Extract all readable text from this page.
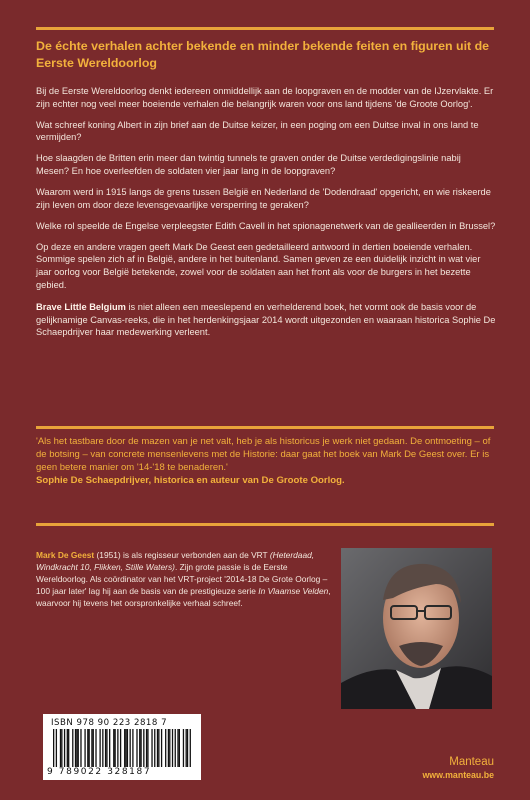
De échte verhalen achter bekende en minder bekende feiten en figuren uit de Eerste Wereldoorlog

Bij de Eerste Wereldoorlog denkt iedereen onmiddellijk aan de loopgraven en de modder van de IJzervlakte. Er zijn echter nog veel meer boeiende verhalen die belangrijk waren voor ons land tijdens 'de Groote Oorlog'.

Wat schreef koning Albert in zijn brief aan de Duitse keizer, in een poging om een Duitse inval in ons land te vermijden?

Hoe slaagden de Britten erin meer dan twintig tunnels te graven onder de Duitse verdedigingslinie nabij Mesen? En hoe overleefden de soldaten vier jaar lang in de loopgraven?

Waarom werd in 1915 langs de grens tussen België en Nederland de 'Dodendraad' opgericht, en wie riskeerde zijn leven om door deze levensgevaarlijke versperring te geraken?

Welke rol speelde de Engelse verpleegster Edith Cavell in het spionagenetwerk van de geallieerden in Brussel?

Op deze en andere vragen geeft Mark De Geest een gedetailleerd antwoord in dertien boeiende verhalen. Sommige spelen zich af in België, andere in het buitenland. Samen geven ze een duidelijk inzicht in wat vier jaar oorlog voor België betekende, zowel voor de soldaten aan het front als voor de burgers in het bezette gebied.

Brave Little Belgium is niet alleen een meeslepend en verhelderend boek, het vormt ook de basis voor de gelijknamige Canvas-reeks, die in het herdenkingsjaar 2014 wordt uitgezonden en waaraan historica Sophie De Schaepdrijver haar medewerking verleent.

'Als het tastbare door de mazen van je net valt, heb je als historicus je werk niet gedaan. De ontmoeting – of de botsing – van concrete mensenlevens met de Historie: daar gaat het boek van Mark De Geest over. Er is geen betere manier om '14-'18 te benaderen.'

Sophie De Schaepdrijver, historica en auteur van De Groote Oorlog.

Mark De Geest (1951) is als regisseur verbonden aan de VRT (Heterdaad, Windkracht 10, Flikken, Stille Waters). Zijn grote passie is de Eerste Wereldoorlog. Als coördinator van het VRT-project '2014-18 De Grote Oorlog – 100 jaar later' lag hij aan de basis van de prestigieuze serie In Vlaamse Velden, waarvoor hij tevens het oorspronkelijke verhaal schreef.

ISBN 978 90 223 2818 7
9 789022 328187
Manteau
www.manteau.be
